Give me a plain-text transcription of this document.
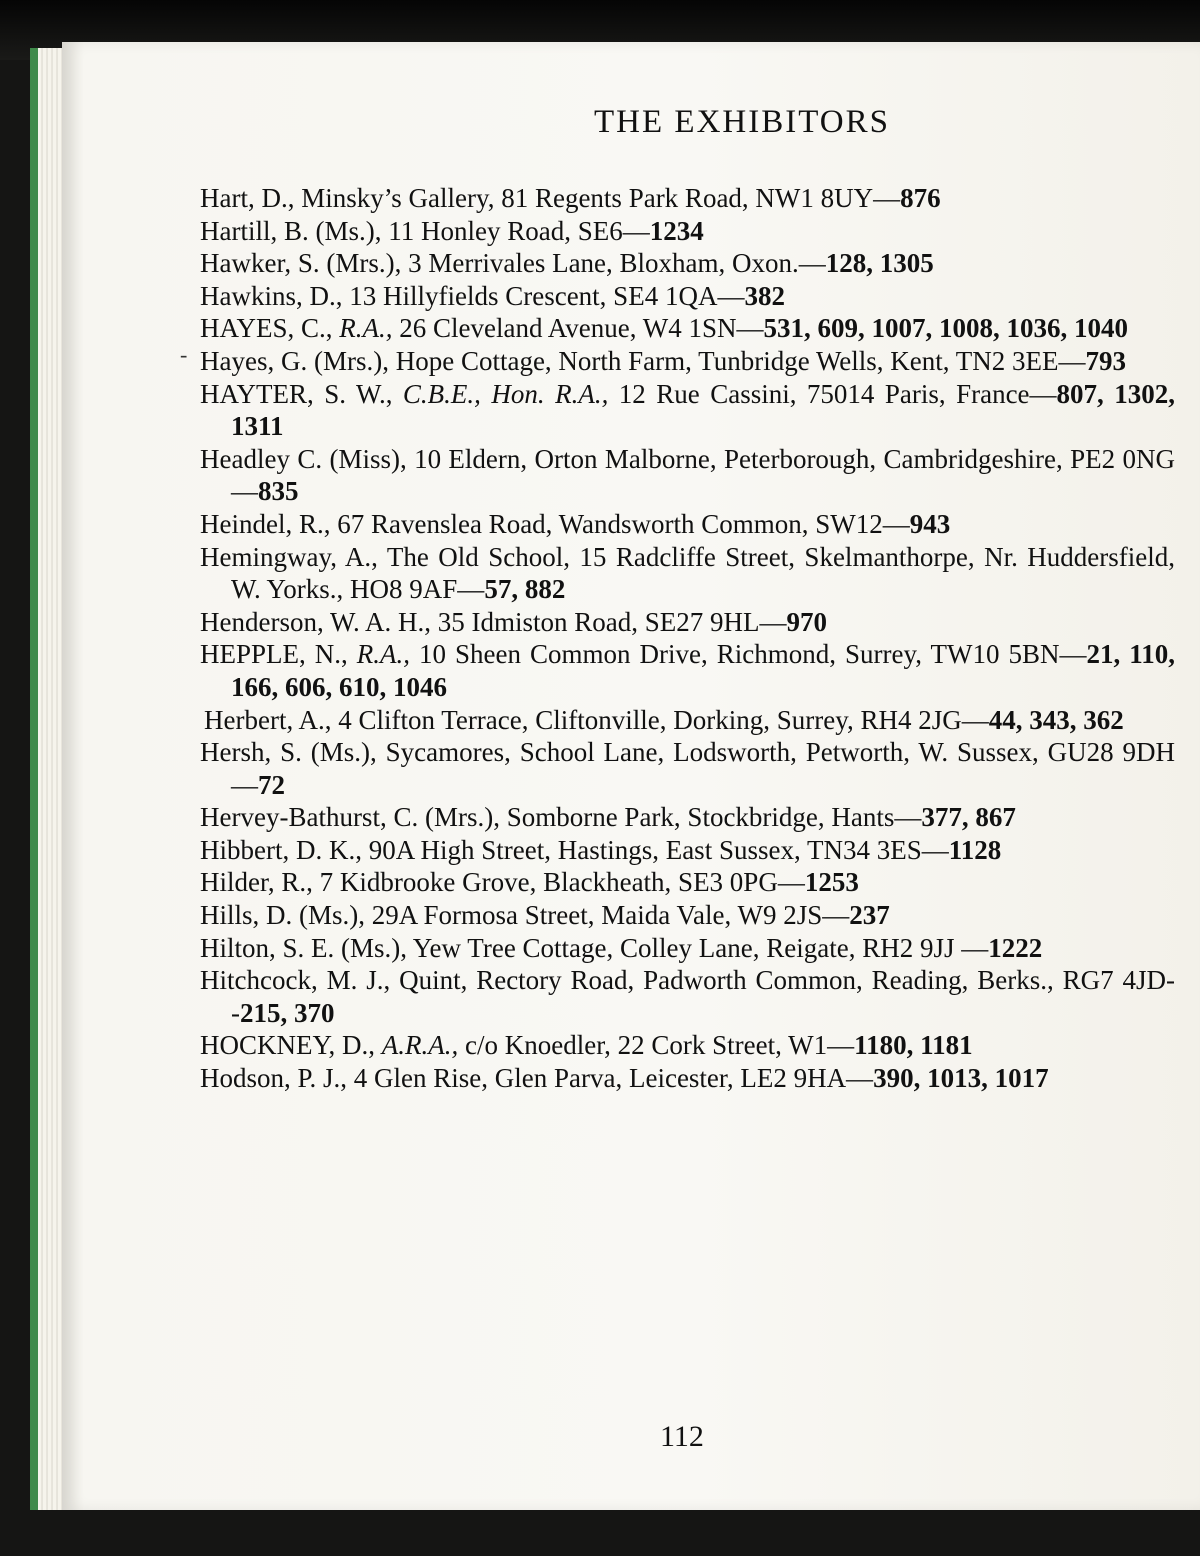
THE EXHIBITORS
-

Hart, D., Minsky’s Gallery, 81 Regents Park Road, NW1 8UY—876

Hartill, B. (Ms.), 11 Honley Road, SE6—1234

Hawker, S. (Mrs.), 3 Merrivales Lane, Bloxham, Oxon.—128, 1305

Hawkins, D., 13 Hillyfields Crescent, SE4 1QA—382

HAYES, C., R.A., 26 Cleveland Avenue, W4 1SN—531, 609, 1007, 1008, 1036, 1040

Hayes, G. (Mrs.), Hope Cottage, North Farm, Tunbridge Wells, Kent, TN2 3EE—793

HAYTER, S. W., C.B.E., Hon. R.A., 12 Rue Cassini, 75014 Paris, France—807, 1302, 1311

Headley C. (Miss), 10 Eldern, Orton Malborne, Peterborough, Cambridgeshire, PE2 0NG—835

Heindel, R., 67 Ravenslea Road, Wandsworth Common, SW12—943

Hemingway, A., The Old School, 15 Radcliffe Street, Skelmanthorpe, Nr. Huddersfield, W. Yorks., HO8 9AF—57, 882

Henderson, W. A. H., 35 Idmiston Road, SE27 9HL—970

HEPPLE, N., R.A., 10 Sheen Common Drive, Richmond, Surrey, TW10 5BN—21, 110, 166, 606, 610, 1046

Herbert, A., 4 Clifton Terrace, Cliftonville, Dorking, Surrey, RH4 2JG—44, 343, 362

Hersh, S. (Ms.), Sycamores, School Lane, Lodsworth, Petworth, W. Sussex, GU28 9DH—72

Hervey-Bathurst, C. (Mrs.), Somborne Park, Stockbridge, Hants—377, 867

Hibbert, D. K., 90A High Street, Hastings, East Sussex, TN34 3ES—1128

Hilder, R., 7 Kidbrooke Grove, Blackheath, SE3 0PG—1253

Hills, D. (Ms.), 29A Formosa Street, Maida Vale, W9 2JS—237

Hilton, S. E. (Ms.), Yew Tree Cottage, Colley Lane, Reigate, RH2 9JJ —1222

Hitchcock, M. J., Quint, Rectory Road, Padworth Common, Reading, Berks., RG7 4JD--215, 370

HOCKNEY, D., A.R.A., c/o Knoedler, 22 Cork Street, W1—1180, 1181

Hodson, P. J., 4 Glen Rise, Glen Parva, Leicester, LE2 9HA—390, 1013, 1017

112
